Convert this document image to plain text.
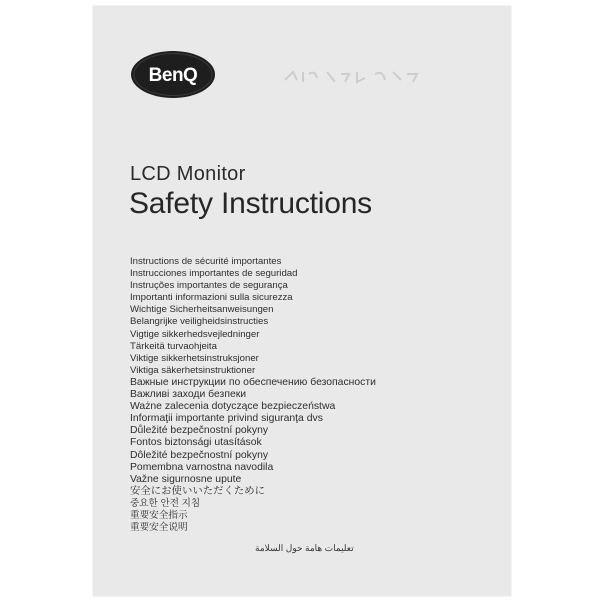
BenQ
LCD Monitor
Safety Instructions
Instructions de sécurité importantes
Instrucciones importantes de seguridad
Instruções importantes de segurança
Importanti informazioni sulla sicurezza
Wichtige Sicherheitsanweisungen
Belangrijke veiligheidsinstructies
Vigtige sikkerhedsvejledninger
Tärkeitä turvaohjeita
Viktige sikkerhetsinstruksjoner
Viktiga säkerhetsinstruktioner
Важные инструкции по обеспечению безопасности
Важливі заходи безпеки
Ważne zalecenia dotyczące bezpieczeństwa
Informaţii importante privind siguranţa dvs
Důležité bezpečnostní pokyny
Fontos biztonsági utasítások
Dôležité bezpečnostní pokyny
Pomembna varnostna navodila
Važne sigurnosne upute
安全にお使いいただくために
중요한 안전 지침
重要安全指示
重要安全说明
تعليمات هامة حول السلامة
